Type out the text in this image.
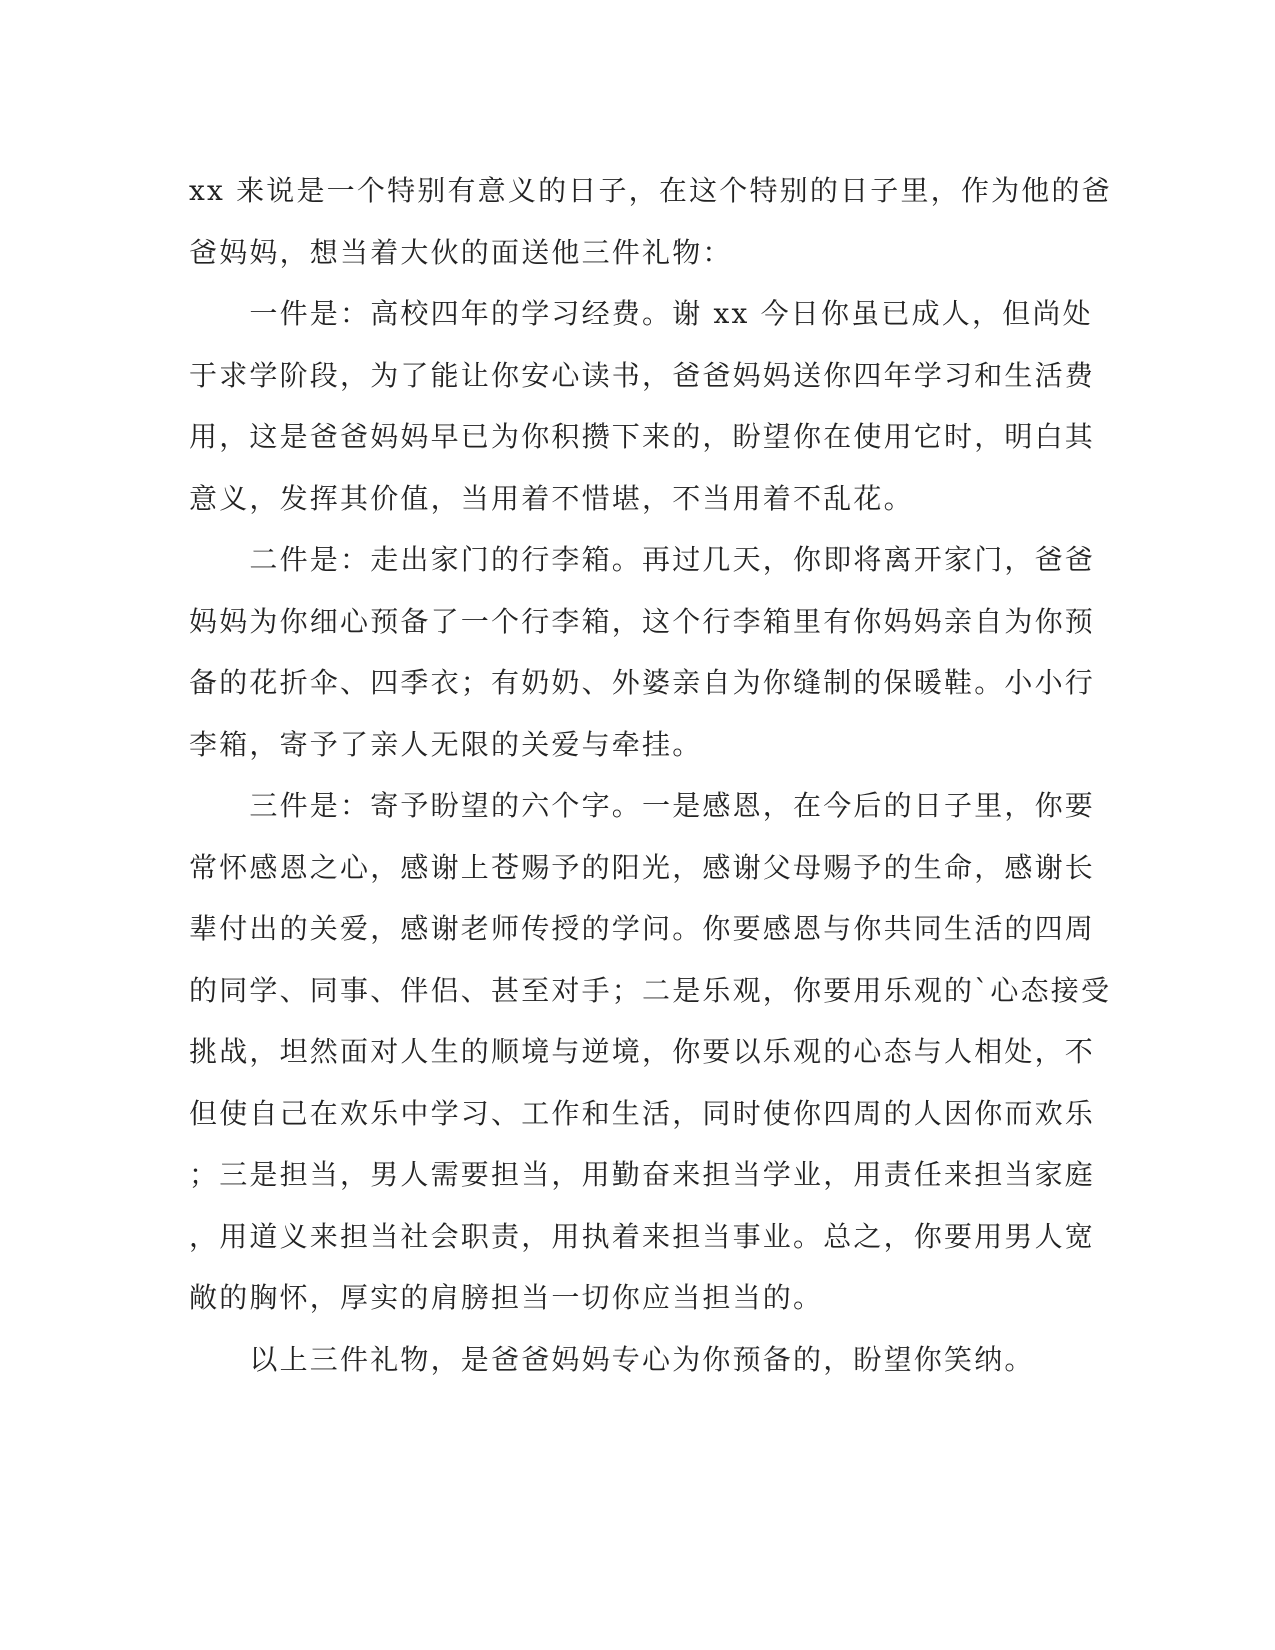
xx 来说是一个特别有意义的日子，在这个特别的日子里，作为他的爸
爸妈妈，想当着大伙的面送他三件礼物：
　　一件是：高校四年的学习经费。谢 xx 今日你虽已成人，但尚处
于求学阶段，为了能让你安心读书，爸爸妈妈送你四年学习和生活费
用，这是爸爸妈妈早已为你积攒下来的，盼望你在使用它时，明白其
意义，发挥其价值，当用着不惜堪，不当用着不乱花。
　　二件是：走出家门的行李箱。再过几天，你即将离开家门，爸爸
妈妈为你细心预备了一个行李箱，这个行李箱里有你妈妈亲自为你预
备的花折伞、四季衣；有奶奶、外婆亲自为你缝制的保暖鞋。小小行
李箱，寄予了亲人无限的关爱与牵挂。
　　三件是：寄予盼望的六个字。一是感恩，在今后的日子里，你要
常怀感恩之心，感谢上苍赐予的阳光，感谢父母赐予的生命，感谢长
辈付出的关爱，感谢老师传授的学问。你要感恩与你共同生活的四周
的同学、同事、伴侣、甚至对手；二是乐观，你要用乐观的`心态接受
挑战，坦然面对人生的顺境与逆境，你要以乐观的心态与人相处，不
但使自己在欢乐中学习、工作和生活，同时使你四周的人因你而欢乐
；三是担当，男人需要担当，用勤奋来担当学业，用责任来担当家庭
，用道义来担当社会职责，用执着来担当事业。总之，你要用男人宽
敞的胸怀，厚实的肩膀担当一切你应当担当的。
　　以上三件礼物，是爸爸妈妈专心为你预备的，盼望你笑纳。
